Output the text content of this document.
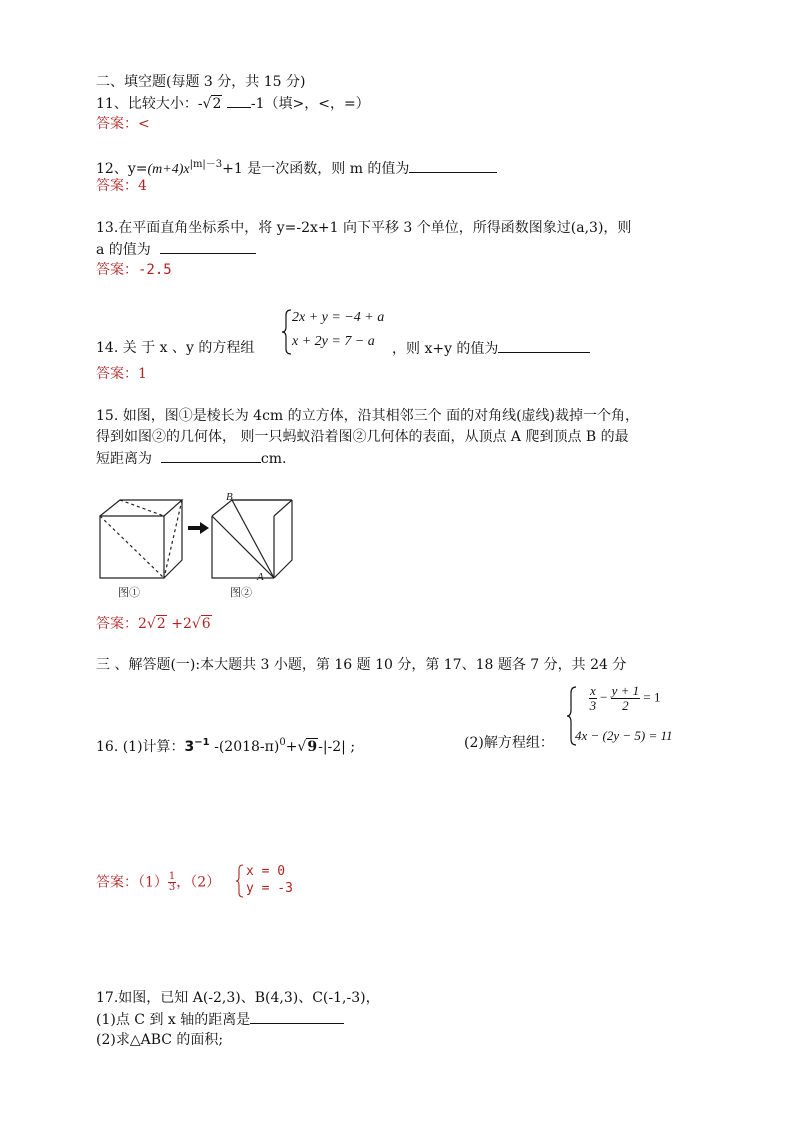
二、填空题(每题 3 分，共 15 分)
11、比较大小：-√2 -1（填>，<，=）
答案：<
12、$y=(m+4)x^{|m|-3}+1$ 是一次函数，则 m 的值为
答案：4
13.在平面直角坐标系中，将 y=-2x+1 向下平移 3 个单位，所得函数图象过(a,3)，则
a 的值为
答案：-2.5
2x + y = −4 + a
x + 2y = 7 − a
14. 关 于 x 、y 的方程组	，则 x+y 的值为
答案：1
15. 如图，图①是棱长为 4cm 的立方体，沿其相邻三个 面的对角线(虚线)裁掉一个角，
得到如图②的几何体， 则一只蚂蚁沿着图②几何体的表面，从顶点 A 爬到顶点 B 的最
短距离为	cm.
B
A
图①	图②
答案：2√2 +2√6
三 、解答题(一):本大题共 3 小题，第 16 题 10 分，第 17、18 题各 7 分，共 24 分
$\frac{x}{3} - \frac{y + 1}{2} = 1$
4x − (2y − 5) = 11
16. (1)计算：$3^{-1}$ $-(2018-\pi)^0+√9-|-2|$ ;	(2)解方程组：
答案：$(1) \frac{1}{3}$ ，（2）
x = 0
y = -3
17.如图，已知 A(-2,3)、B(4,3)、C(-1,-3)，
(1)点 C 到 x 轴的距离是
(2)求△ABC 的面积;
